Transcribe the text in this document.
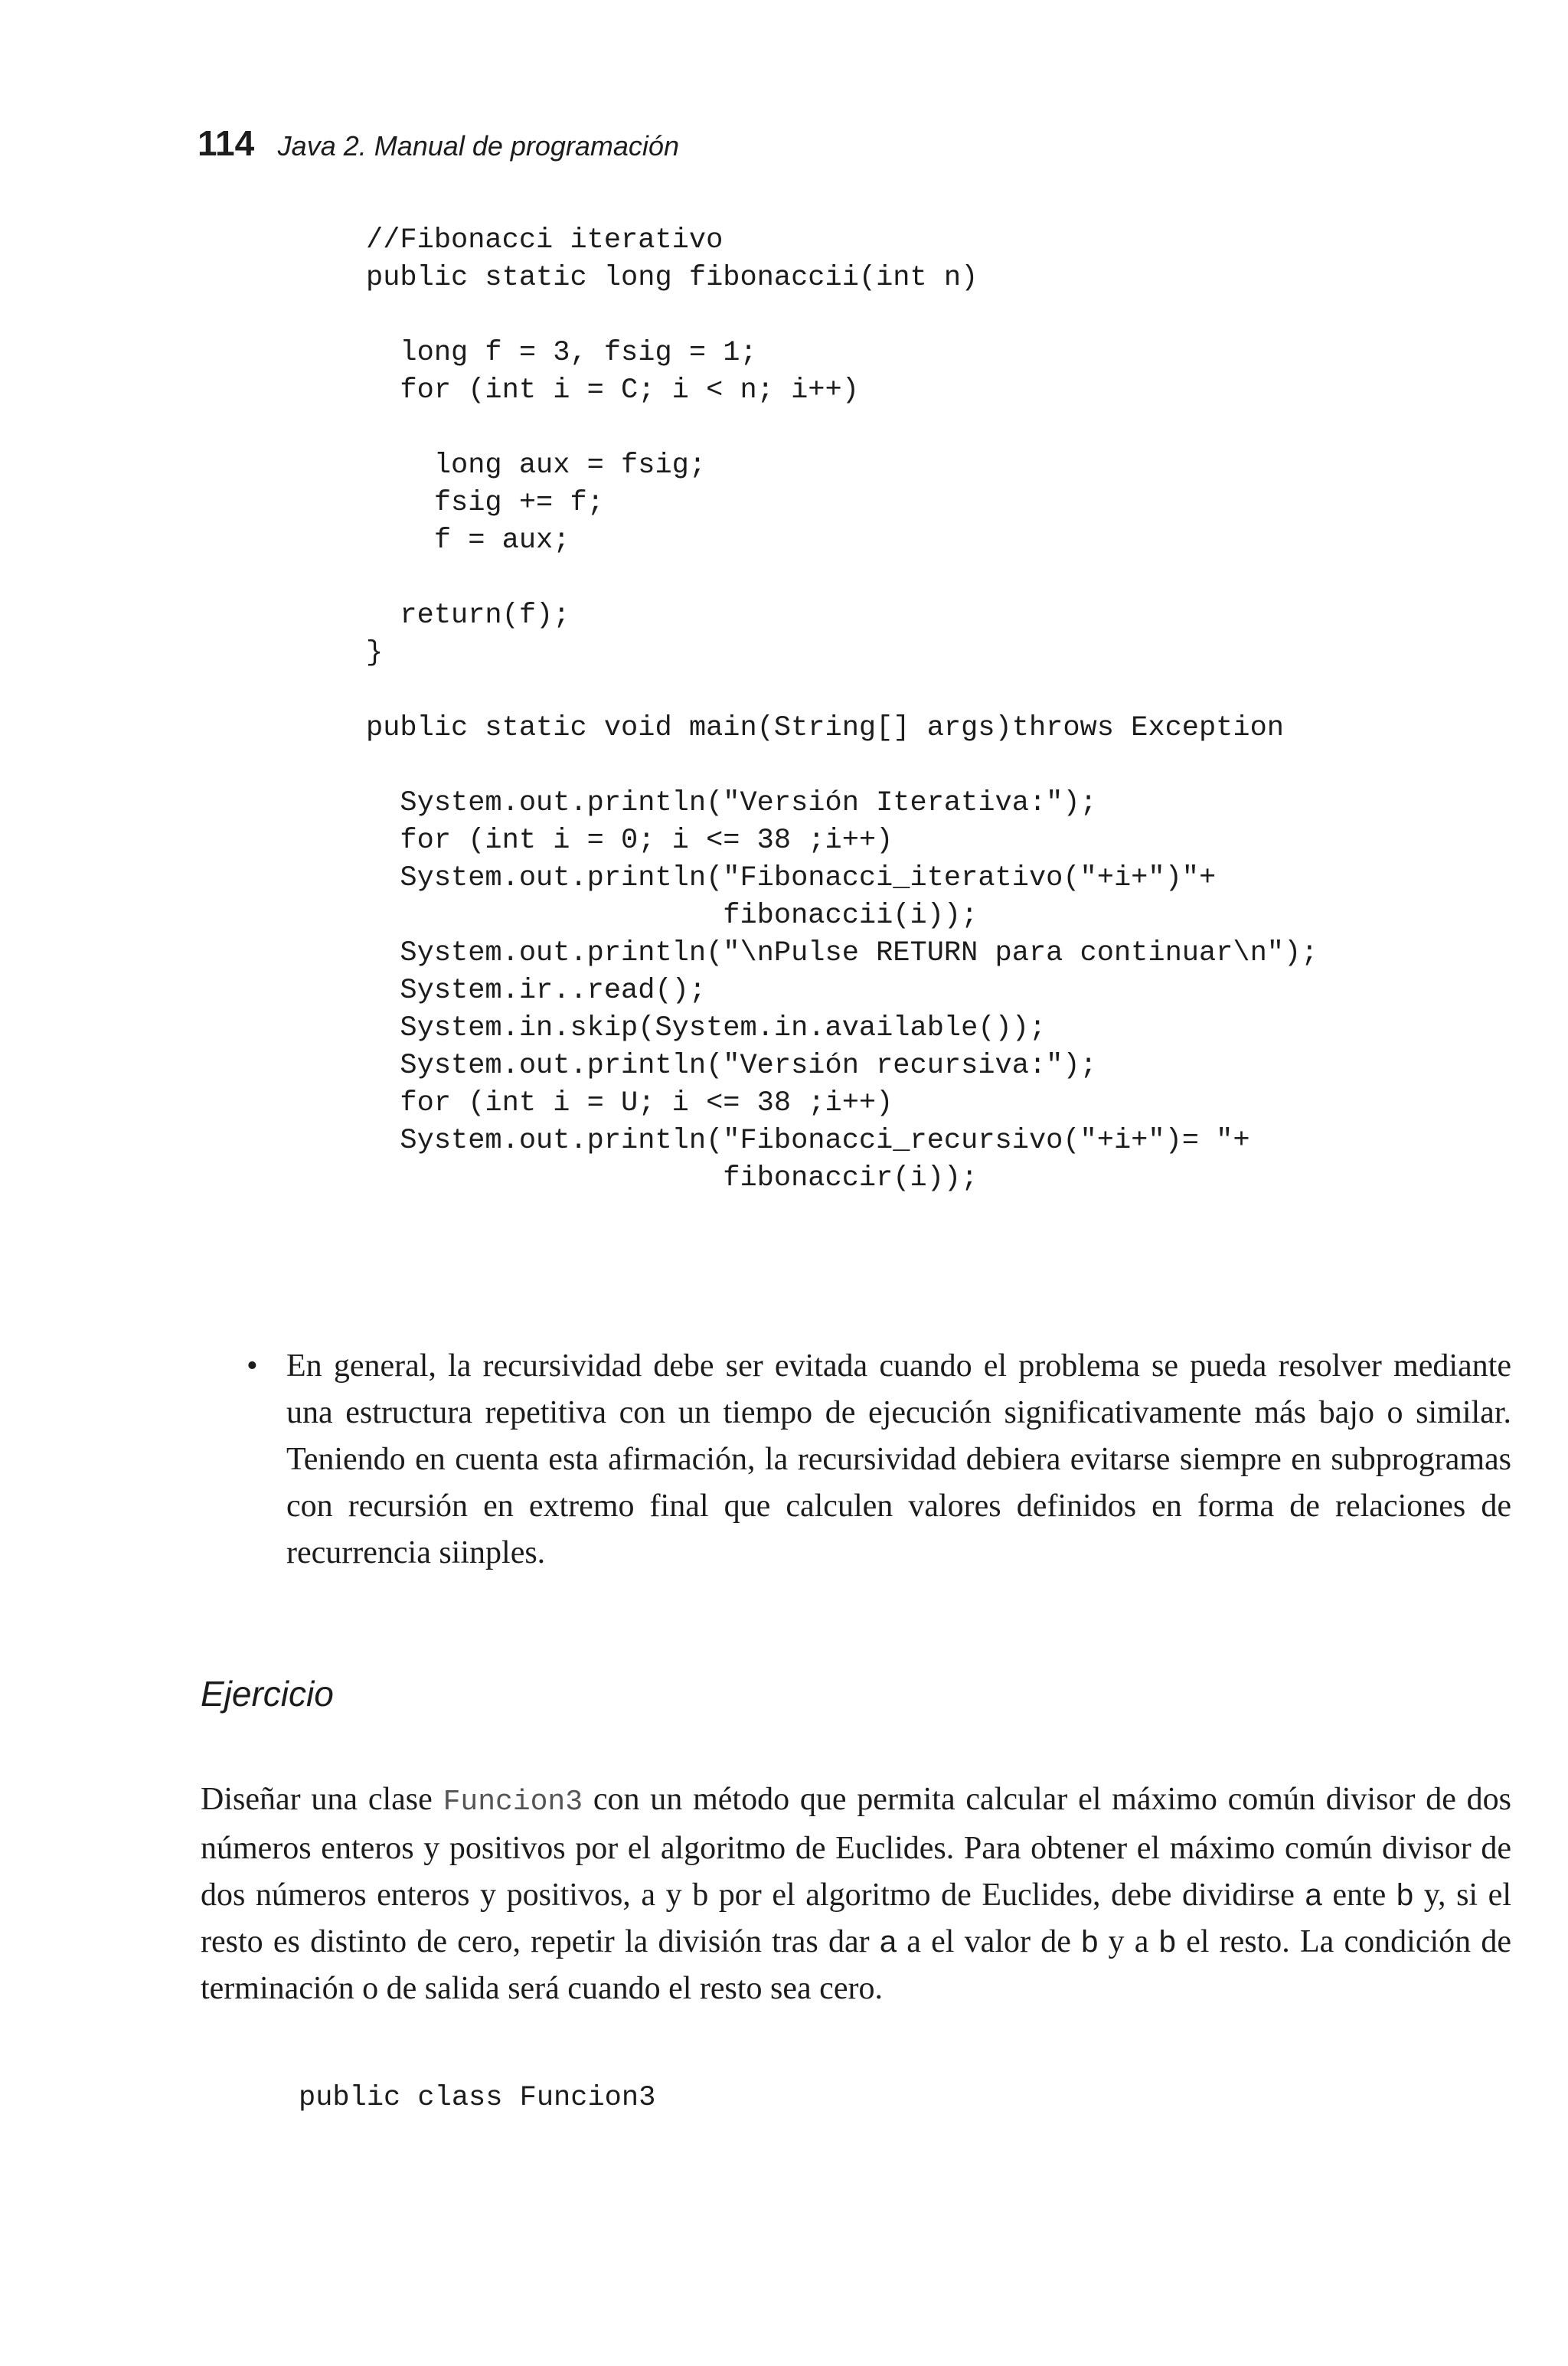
114 Java 2. Manual de programación
//Fibonacci iterativo
public static long fibonaccii(int n)
long f = 3, fsig = 1;
for (int i = C; i < n; i++)
long aux = fsig;
fsig += f;
f = aux;
return(f);
}
public static void main(String[] args)throws Exception
System.out.println("Versión Iterativa:");
for (int i = 0; i <= 38 ;i++)
System.out.println("Fibonacci_iterativo("+i+")"+
fibonaccii(i));
System.out.println("\nPulse RETURN para continuar\n");
System.ir..read();
System.in.skip(System.in.available());
System.out.println("Versión recursiva:");
for (int i = U; i <= 38 ;i++)
System.out.println("Fibonacci_recursivo("+i+")= "+
fibonaccir(i));
• En general, la recursividad debe ser evitada cuando el problema se pueda resolver mediante una estructura repetitiva con un tiempo de ejecución significativamente más bajo o similar. Teniendo en cuenta esta afirmación, la recursividad debiera evitarse siempre en subprogramas con recursión en extremo final que calculen valores definidos en forma de relaciones de recurrencia siinples.
Ejercicio
Diseñar una clase Funcion3 con un método que permita calcular el máximo común divisor de dos números enteros y positivos por el algoritmo de Euclides. Para obtener el máximo común divisor de dos números enteros y positivos, a y b por el algoritmo de Euclides, debe dividirse a ente b y, si el resto es distinto de cero, repetir la división tras dar a a el valor de b y a b el resto. La condición de terminación o de salida será cuando el resto sea cero.
public class Funcion3
